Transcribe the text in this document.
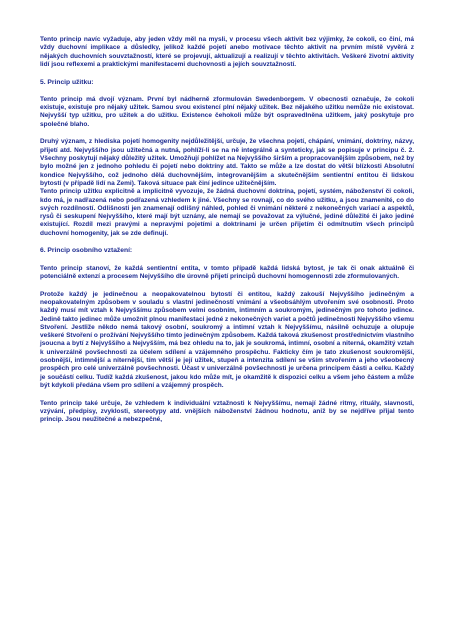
Tento princip navíc vyžaduje, aby jeden vždy měl na mysli, v procesu všech aktivit bez výjimky, že cokoli, co činí, má vždy duchovní implikace a důsledky, jelikož každé pojetí anebo motivace těchto aktivit na prvním místě vyvěrá z nějakých duchovních souvztažností, které se projevují, aktualizují a realizují v těchto aktivitách. Veškeré životní aktivity lidí jsou reflexemi a praktickými manifestacemi duchovnosti a jejích souvztažností.

5. Princip užitku:

Tento princip má dvojí význam. První byl nádherně zformulován Swedenborgem. V obecnosti označuje, že cokoli existuje, existuje pro nějaký užitek. Samou svou existencí plní nějaký užitek. Bez nějakého užitku nemůže nic existovat. Nejvyšší typ užitku, pro užitek a do užitku. Existence čehokoli může být ospravedlněna užitkem, jaký poskytuje pro společné blaho.

Druhý význam, z hlediska pojetí homogenity nejdůležitější, určuje, že všechna pojetí, chápání, vnímání, doktríny, názvy, přijetí atd. Nejvyššího jsou užitečná a nutná, pohlíží-li se na ně integrálně a synteticky, jak se popisuje v principu č. 2. Všechny poskytují nějaký důležitý užitek. Umožňují pohlížet na Nejvyššího širším a propracovanějším způsobem, než by bylo možné jen z jednoho pohledu či pojetí nebo doktríny atd. Takto se může a lze dostat do větší blízkosti Absolutní kondice Nejvyššího, což jednoho dělá duchovnějším, integrovanějším a skutečnějším sentientní entitou či lidskou bytostí (v případě lidí na Zemi). Taková situace pak činí jedince užitečnějším.

Tento princip užitku explicitně a implicitně vyvozuje, že žádná duchovní doktrína, pojetí, systém, náboženství či cokoli, kdo má, je nadřazená nebo podřazená vzhledem k jiné. Všechny se rovnají, co do svého užitku, a jsou znamenité, co do svých rozdílností. Odlišnosti jen znamenají odlišný náhled, pohled či vnímání některé z nekonečných variací a aspektů, rysů či seskupení Nejvyššího, které mají být uznány, ale nemají se považovat za výlučné, jediné důležité či jako jediné existující. Rozdíl mezi pravými a nepravými pojetími a doktrínami je určen přijetím či odmítnutím všech principů duchovní homogenity, jak se zde definují.

6. Princip osobního vztažení:

Tento princip stanoví, že každá sentientní entita, v tomto případě každá lidská bytost, je tak či onak aktuálně či potenciálně extenzí a procesem Nejvyššího dle úrovně přijetí principů duchovní homogennosti zde zformulovaných.

Protože každý je jedinečnou a neopakovatelnou bytostí či entitou, každý zakouší Nejvyššího jedinečným a neopakovatelným způsobem v souladu s vlastní jedinečností vnímání a všeobsáhlým utvořením své osobnosti. Proto každý musí mít vztah k Nejvyššímu způsobem velmi osobním, intimním a soukromým, jedinečným pro tohoto jedince. Jedině takto jedinec může umožnit plnou manifestaci jedné z nekonečných variet a počtů jedinečnosti Nejvyššího všemu Stvoření. Jestliže někdo nemá takový osobní, soukromý a intimní vztah k Nejvyššímu, násilně ochuzuje a olupuje veškeré Stvoření o prožívání Nejvyššího tímto jedinečným způsobem. Každá taková zkušenost prostřednictvím vlastního jsoucna a bytí z Nejvyššího a Nejvyšším, má bez ohledu na to, jak je soukromá, intimní, osobní a niterná, okamžitý vztah k univerzálně povšechnosti za účelem sdílení a vzájemného prospěchu. Fakticky čím je tato zkušenost soukromější, osobnější, intimnější a niternější, tím větší je její užitek, stupeň a intenzita sdílení se vším stvořením a jeho všeobecný prospěch pro celé univerzálně povšechnosti. Účast v univerzálně povšechnosti je určena principem části a celku. Každý je součástí celku. Tudíž každá zkušenost, jakou kdo může mít, je okamžitě k dispozici celku a všem jeho částem a může být kdykoli předána všem pro sdílení a vzájemný prospěch.

Tento princip také určuje, že vzhledem k individuální vztažnosti k Nejvyššímu, nemají žádné ritmy, rituály, slavnosti, vzývání, předpisy, zvyklosti, stereotypy atd. vnějších náboženství žádnou hodnotu, aniž by se nejdříve přijal tento princip. Jsou neužitečné a nebezpečné,
